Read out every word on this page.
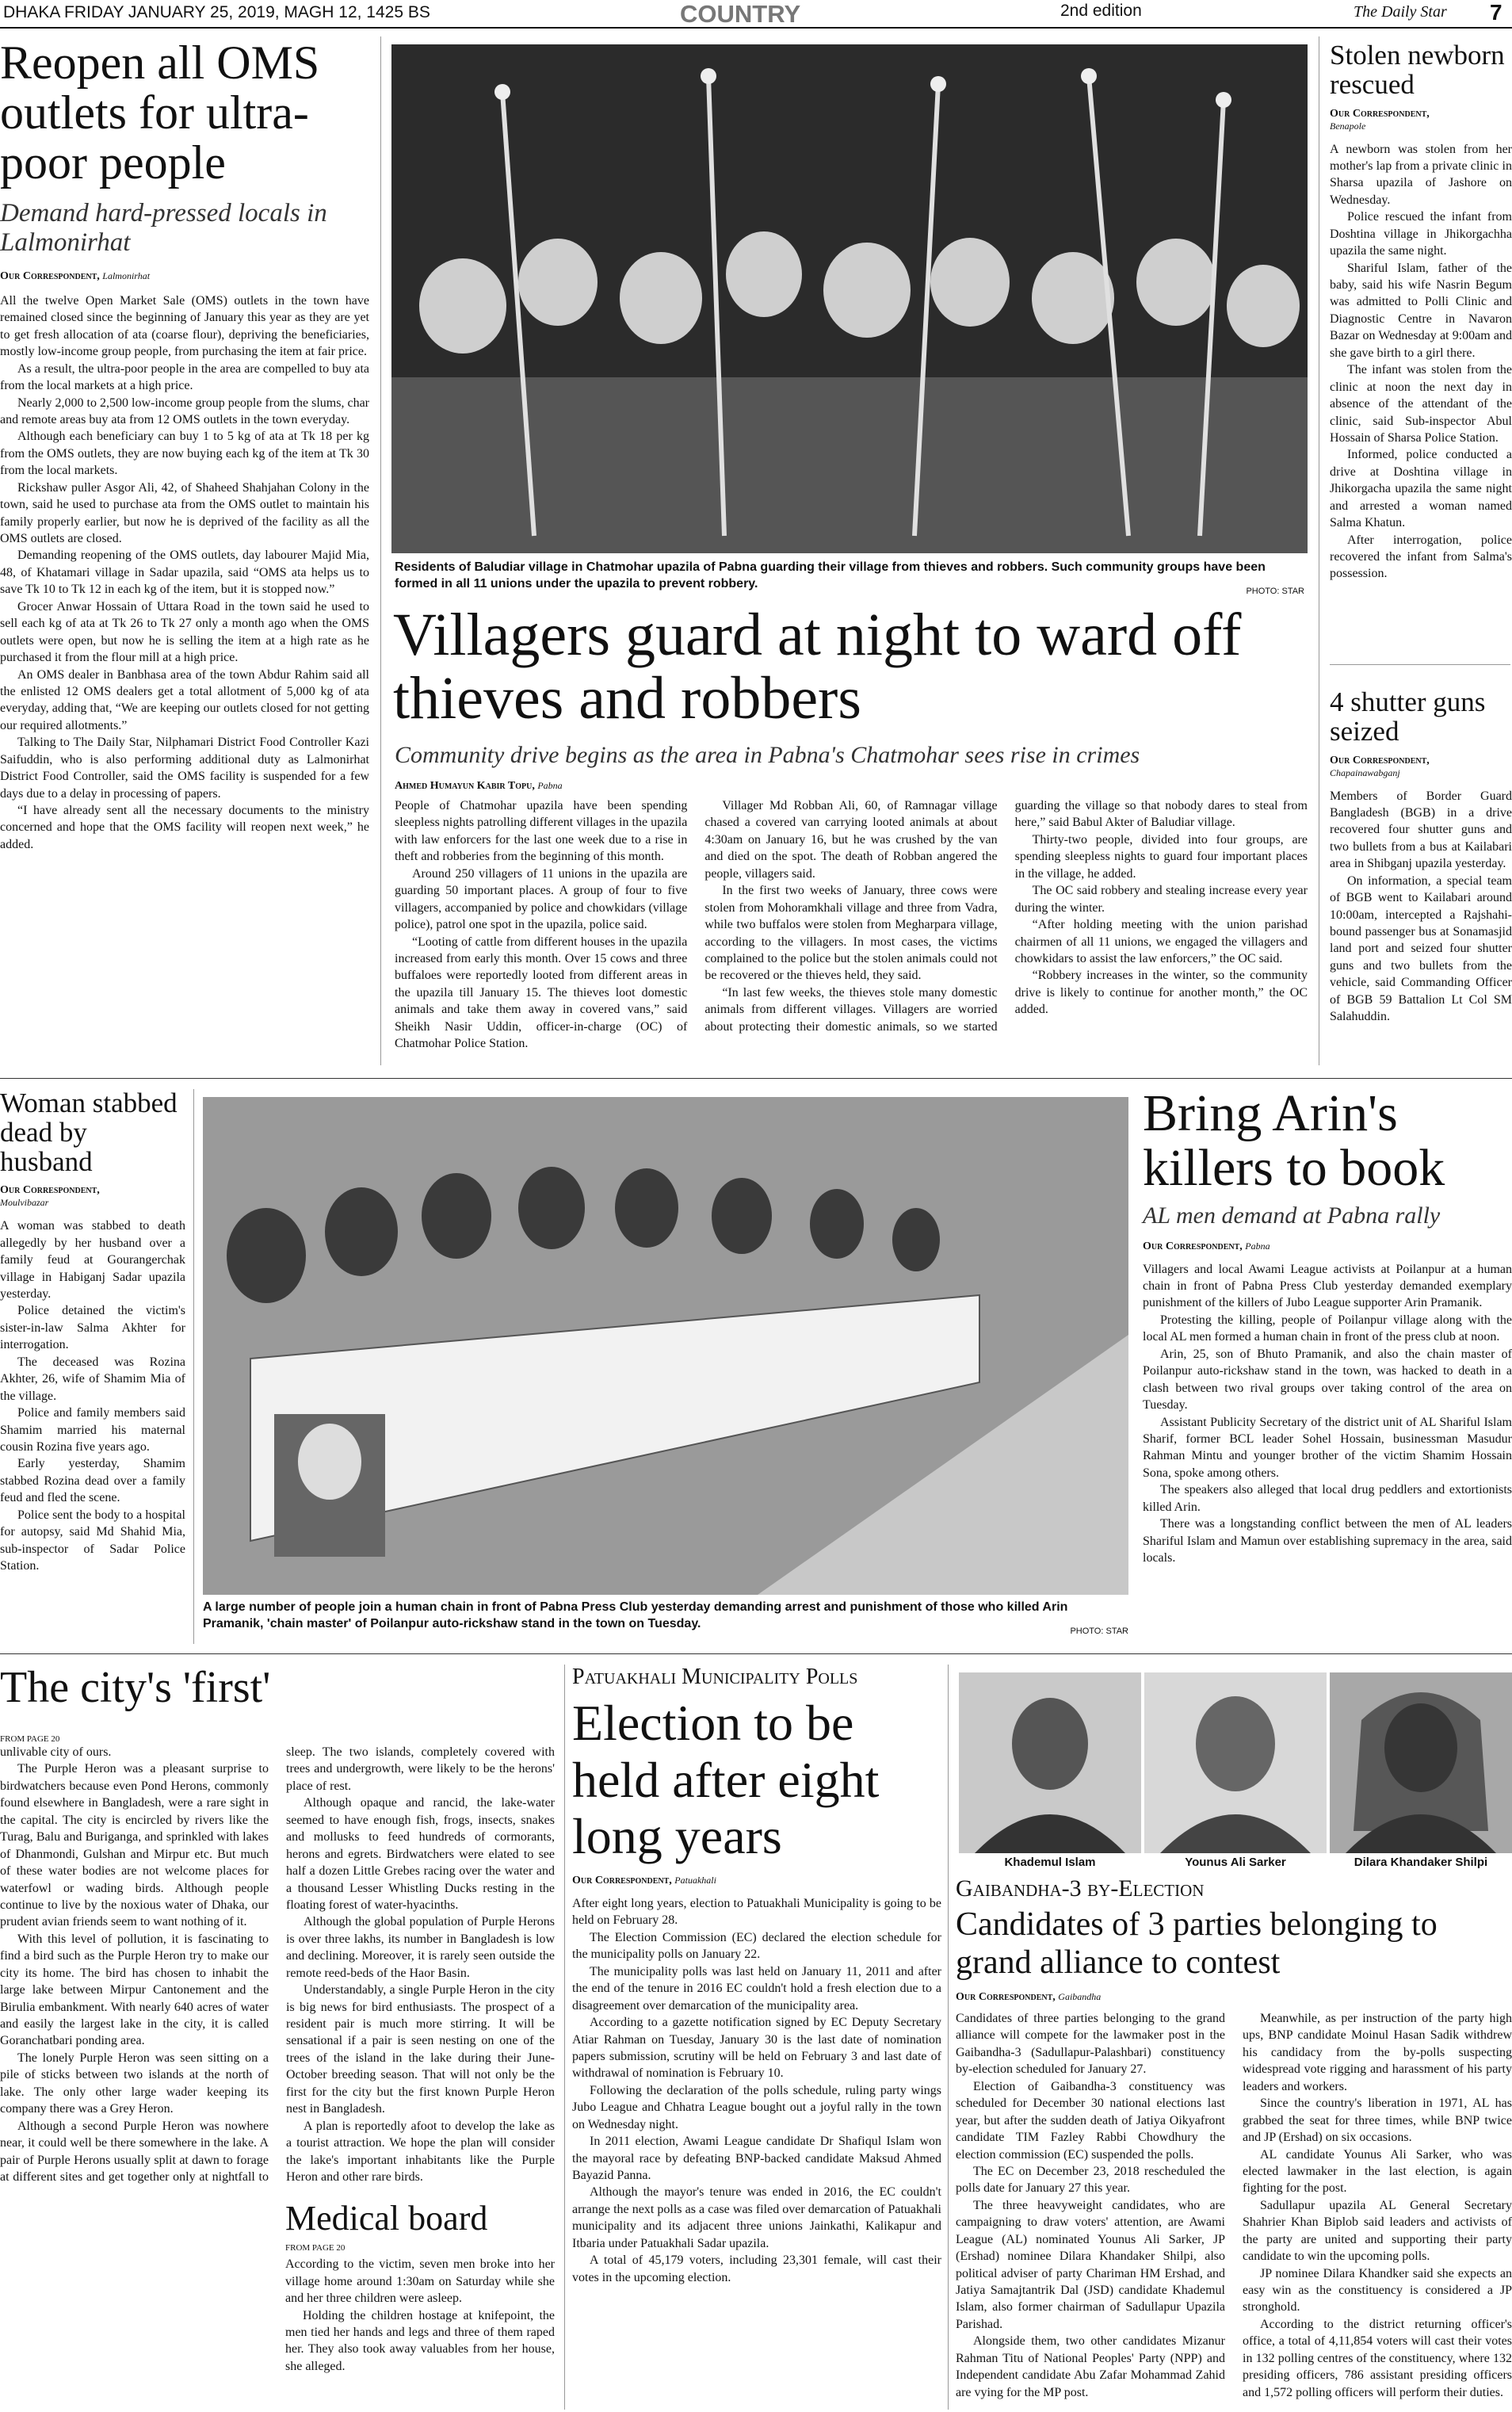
DHAKA FRIDAY JANUARY 25, 2019, MAGH 12, 1425 BS	COUNTRY	2nd edition	The Daily Star 7
Reopen all OMS outlets for ultra-poor people
Demand hard-pressed locals in Lalmonirhat
Our Correspondent, Lalmonirhat

All the twelve Open Market Sale (OMS) outlets in the town have remained closed since the beginning of January this year as they are yet to get fresh allocation of ata (coarse flour), depriving the beneficiaries, mostly low-income group people, from purchasing the item at fair price.

As a result, the ultra-poor people in the area are compelled to buy ata from the local markets at a high price.

Nearly 2,000 to 2,500 low-income group people from the slums, char and remote areas buy ata from 12 OMS outlets in the town everyday.

Although each beneficiary can buy 1 to 5 kg of ata at Tk 18 per kg from the OMS outlets, they are now buying each kg of the item at Tk 30 from the local markets.

Rickshaw puller Asgor Ali, 42, of Shaheed Shahjahan Colony in the town, said he used to purchase ata from the OMS outlet to maintain his family properly earlier, but now he is deprived of the facility as all the OMS outlets are closed.

Demanding reopening of the OMS outlets, day labourer Majid Mia, 48, of Khatamari village in Sadar upazila, said “OMS ata helps us to save Tk 10 to Tk 12 in each kg of the item, but it is stopped now.”

Grocer Anwar Hossain of Uttara Road in the town said he used to sell each kg of ata at Tk 26 to Tk 27 only a month ago when the OMS outlets were open, but now he is selling the item at a high rate as he purchased it from the flour mill at a high price.

An OMS dealer in Banbhasa area of the town Abdur Rahim said all the enlisted 12 OMS dealers get a total allotment of 5,000 kg of ata everyday, adding that, “We are keeping our outlets closed for not getting our required allotments.”

Talking to The Daily Star, Nilphamari District Food Controller Kazi Saifuddin, who is also performing additional duty as Lalmonirhat District Food Controller, said the OMS facility is suspended for a few days due to a delay in processing of papers.

“I have already sent all the necessary documents to the ministry concerned and hope that the OMS facility will reopen next week,” he added.

Residents of Baludiar village in Chatmohar upazila of Pabna guarding their village from thieves and robbers. Such community groups have been formed in all 11 unions under the upazila to prevent robbery.
PHOTO: STAR
Villagers guard at night to ward off thieves and robbers
Community drive begins as the area in Pabna's Chatmohar sees rise in crimes
Ahmed Humayun Kabir Topu, Pabna

People of Chatmohar upazila have been spending sleepless nights patrolling different villages in the upazila with law enforcers for the last one week due to a rise in theft and robberies from the beginning of this month.

Around 250 villagers of 11 unions in the upazila are guarding 50 important places. A group of four to five villagers, accompanied by police and chowkidars (village police), patrol one spot in the upazila, police said.

“Looting of cattle from different houses in the upazila increased from early this month. Over 15 cows and three buffaloes were reportedly looted from different areas in the upazila till January 15. The thieves loot domestic animals and take them away in covered vans,” said Sheikh Nasir Uddin, officer-in-charge (OC) of Chatmohar Police Station.

Villager Md Robban Ali, 60, of Ramnagar village chased a covered van carrying looted animals at about 4:30am on January 16, but he was crushed by the van and died on the spot. The death of Robban angered the people, villagers said.

In the first two weeks of January, three cows were stolen from Mohoramkhali village and three from Vadra, while two buffalos were stolen from Megharpara village, according to the villagers. In most cases, the victims complained to the police but the stolen animals could not be recovered or the thieves held, they said.

“In last few weeks, the thieves stole many domestic animals from different villages. Villagers are worried about protecting their domestic animals, so we started guarding the village so that nobody dares to steal from here,” said Babul Akter of Baludiar village.

Thirty-two people, divided into four groups, are spending sleepless nights to guard four important places in the village, he added.

The OC said robbery and stealing increase every year during the winter.

“After holding meeting with the union parishad chairmen of all 11 unions, we engaged the villagers and chowkidars to assist the law enforcers,” the OC said.

“Robbery increases in the winter, so the community drive is likely to continue for another month,” the OC added.

Stolen newborn rescued
Our Correspondent,
Benapole

A newborn was stolen from her mother's lap from a private clinic in Sharsa upazila of Jashore on Wednesday.

Police rescued the infant from Doshtina village in Jhikorgachha upazila the same night.

Shariful Islam, father of the baby, said his wife Nasrin Begum was admitted to Polli Clinic and Diagnostic Centre in Navaron Bazar on Wednesday at 9:00am and she gave birth to a girl there.

The infant was stolen from the clinic at noon the next day in absence of the attendant of the clinic, said Sub-inspector Abul Hossain of Sharsa Police Station.

Informed, police conducted a drive at Doshtina village in Jhikorgacha upazila the same night and arrested a woman named Salma Khatun.

After interrogation, police recovered the infant from Salma's possession.

4 shutter guns seized
Our Correspondent,
Chapainawabganj

Members of Border Guard Bangladesh (BGB) in a drive recovered four shutter guns and two bullets from a bus at Kailabari area in Shibganj upazila yesterday.

On information, a special team of BGB went to Kailabari around 10:00am, intercepted a Rajshahi-bound passenger bus at Sonamasjid land port and seized four shutter guns and two bullets from the vehicle, said Commanding Officer of BGB 59 Battalion Lt Col SM Salahuddin.

Woman stabbed dead by husband
Our Correspondent,
Moulvibazar

A woman was stabbed to death allegedly by her husband over a family feud at Gourangerchak village in Habiganj Sadar upazila yesterday.

Police detained the victim's sister-in-law Salma Akhter for interrogation.

The deceased was Rozina Akhter, 26, wife of Shamim Mia of the village.

Police and family members said Shamim married his maternal cousin Rozina five years ago.

Early yesterday, Shamim stabbed Rozina dead over a family feud and fled the scene.

Police sent the body to a hospital for autopsy, said Md Shahid Mia, sub-inspector of Sadar Police Station.

A large number of people join a human chain in front of Pabna Press Club yesterday demanding arrest and punishment of those who killed Arin Pramanik, 'chain master' of Poilanpur auto-rickshaw stand in the town on Tuesday.
PHOTO: STAR
Bring Arin's killers to book
AL men demand at Pabna rally
Our Correspondent, Pabna

Villagers and local Awami League activists at Poilanpur at a human chain in front of Pabna Press Club yesterday demanded exemplary punishment of the killers of Jubo League supporter Arin Pramanik.

Protesting the killing, people of Poilanpur village along with the local AL men formed a human chain in front of the press club at noon.

Arin, 25, son of Bhuto Pramanik, and also the chain master of Poilanpur auto-rickshaw stand in the town, was hacked to death in a clash between two rival groups over taking control of the area on Tuesday.

Assistant Publicity Secretary of the district unit of AL Shariful Islam Sharif, former BCL leader Sohel Hossain, businessman Masudur Rahman Mintu and younger brother of the victim Shamim Hossain Sona, spoke among others.

The speakers also alleged that local drug peddlers and extortionists killed Arin.

There was a longstanding conflict between the men of AL leaders Shariful Islam and Mamun over establishing supremacy in the area, said locals.

The city's 'first'
FROM PAGE 20

unlivable city of ours.

The Purple Heron was a pleasant surprise to birdwatchers because even Pond Herons, commonly found elsewhere in Bangladesh, were a rare sight in the capital. The city is encircled by rivers like the Turag, Balu and Buriganga, and sprinkled with lakes of Dhanmondi, Gulshan and Mirpur etc. But much of these water bodies are not welcome places for waterfowl or wading birds. Although people continue to live by the noxious water of Dhaka, our prudent avian friends seem to want nothing of it.

With this level of pollution, it is fascinating to find a bird such as the Purple Heron try to make our city its home. The bird has chosen to inhabit the large lake between Mirpur Cantonement and the Birulia embankment. With nearly 640 acres of water and easily the largest lake in the city, it is called Goranchatbari ponding area.

The lonely Purple Heron was seen sitting on a pile of sticks between two islands at the north of lake. The only other large wader keeping its company there was a Grey Heron.

Although a second Purple Heron was nowhere near, it could well be there somewhere in the lake. A pair of Purple Herons usually split at dawn to forage at different sites and get together only at nightfall to sleep. The two islands, completely covered with trees and undergrowth, were likely to be the herons' place of rest.

Although opaque and rancid, the lake-water seemed to have enough fish, frogs, insects, snakes and mollusks to feed hundreds of cormorants, herons and egrets. Birdwatchers were elated to see half a dozen Little Grebes racing over the water and a thousand Lesser Whistling Ducks resting in the floating forest of water-hyacinths.

Although the global population of Purple Herons is over three lakhs, its number in Bangladesh is low and declining. Moreover, it is rarely seen outside the remote reed-beds of the Haor Basin.

Understandably, a single Purple Heron in the city is big news for bird enthusiasts. The prospect of a resident pair is much more stirring. It will be sensational if a pair is seen nesting on one of the trees of the island in the lake during their June-October breeding season. That will not only be the first for the city but the first known Purple Heron nest in Bangladesh.

A plan is reportedly afoot to develop the lake as a tourist attraction. We hope the plan will consider the lake's important inhabitants like the Purple Heron and other rare birds.

Medical board
FROM PAGE 20

According to the victim, seven men broke into her village home around 1:30am on Saturday while she and her three children were asleep.

Holding the children hostage at knifepoint, the men tied her hands and legs and three of them raped her. They also took away valuables from her house, she alleged.

Patuakhali Municipality Polls
Election to be held after eight long years
Our Correspondent, Patuakhali

After eight long years, election to Patuakhali Municipality is going to be held on February 28.

The Election Commission (EC) declared the election schedule for the municipality polls on January 22.

The municipality polls was last held on January 11, 2011 and after the end of the tenure in 2016 EC couldn't hold a fresh election due to a disagreement over demarcation of the municipality area.

According to a gazette notification signed by EC Deputy Secretary Atiar Rahman on Tuesday, January 30 is the last date of nomination papers submission, scrutiny will be held on February 3 and last date of withdrawal of nomination is February 10.

Following the declaration of the polls schedule, ruling party wings Jubo League and Chhatra League bought out a joyful rally in the town on Wednesday night.

In 2011 election, Awami League candidate Dr Shafiqul Islam won the mayoral race by defeating BNP-backed candidate Maksud Ahmed Bayazid Panna.

Although the mayor's tenure was ended in 2016, the EC couldn't arrange the next polls as a case was filed over demarcation of Patuakhali municipality and its adjacent three unions Jainkathi, Kalikapur and Itbaria under Patuakhali Sadar upazila.

A total of 45,179 voters, including 23,301 female, will cast their votes in the upcoming election.

Khademul Islam	Younus Ali Sarker	Dilara Khandaker Shilpi
Gaibandha-3 by-Election
Candidates of 3 parties belonging to grand alliance to contest
Our Correspondent, Gaibandha

Candidates of three parties belonging to the grand alliance will compete for the lawmaker post in the Gaibandha-3 (Sadullapur-Palashbari) constituency by-election scheduled for January 27.

Election of Gaibandha-3 constituency was scheduled for December 30 national elections last year, but after the sudden death of Jatiya Oikyafront candidate TIM Fazley Rabbi Chowdhury the election commission (EC) suspended the polls.

The EC on December 23, 2018 rescheduled the polls date for January 27 this year.

The three heavyweight candidates, who are campaigning to draw voters' attention, are Awami League (AL) nominated Younus Ali Sarker, JP (Ershad) nominee Dilara Khandaker Shilpi, also political adviser of party Chariman HM Ershad, and Jatiya Samajtantrik Dal (JSD) candidate Khademul Islam, also former chairman of Sadullapur Upazila Parishad.

Alongside them, two other candidates Mizanur Rahman Titu of National Peoples' Party (NPP) and Independent candidate Abu Zafar Mohammad Zahid are vying for the MP post.

Meanwhile, as per instruction of the party high ups, BNP candidate Moinul Hasan Sadik withdrew his candidacy from the by-polls suspecting widespread vote rigging and harassment of his party leaders and workers.

Since the country's liberation in 1971, AL has grabbed the seat for three times, while BNP twice and JP (Ershad) on six occasions.

AL candidate Younus Ali Sarker, who was elected lawmaker in the last election, is again fighting for the post.

Sadullapur upazila AL General Secretary Shahrier Khan Biplob said leaders and activists of the party are united and supporting their party candidate to win the upcoming polls.

JP nominee Dilara Khandker said she expects an easy win as the constituency is considered a JP stronghold.

According to the district returning officer's office, a total of 4,11,854 voters will cast their votes in 132 polling centres of the constituency, where 132 presiding officers, 786 assistant presiding officers and 1,572 polling officers will perform their duties.
